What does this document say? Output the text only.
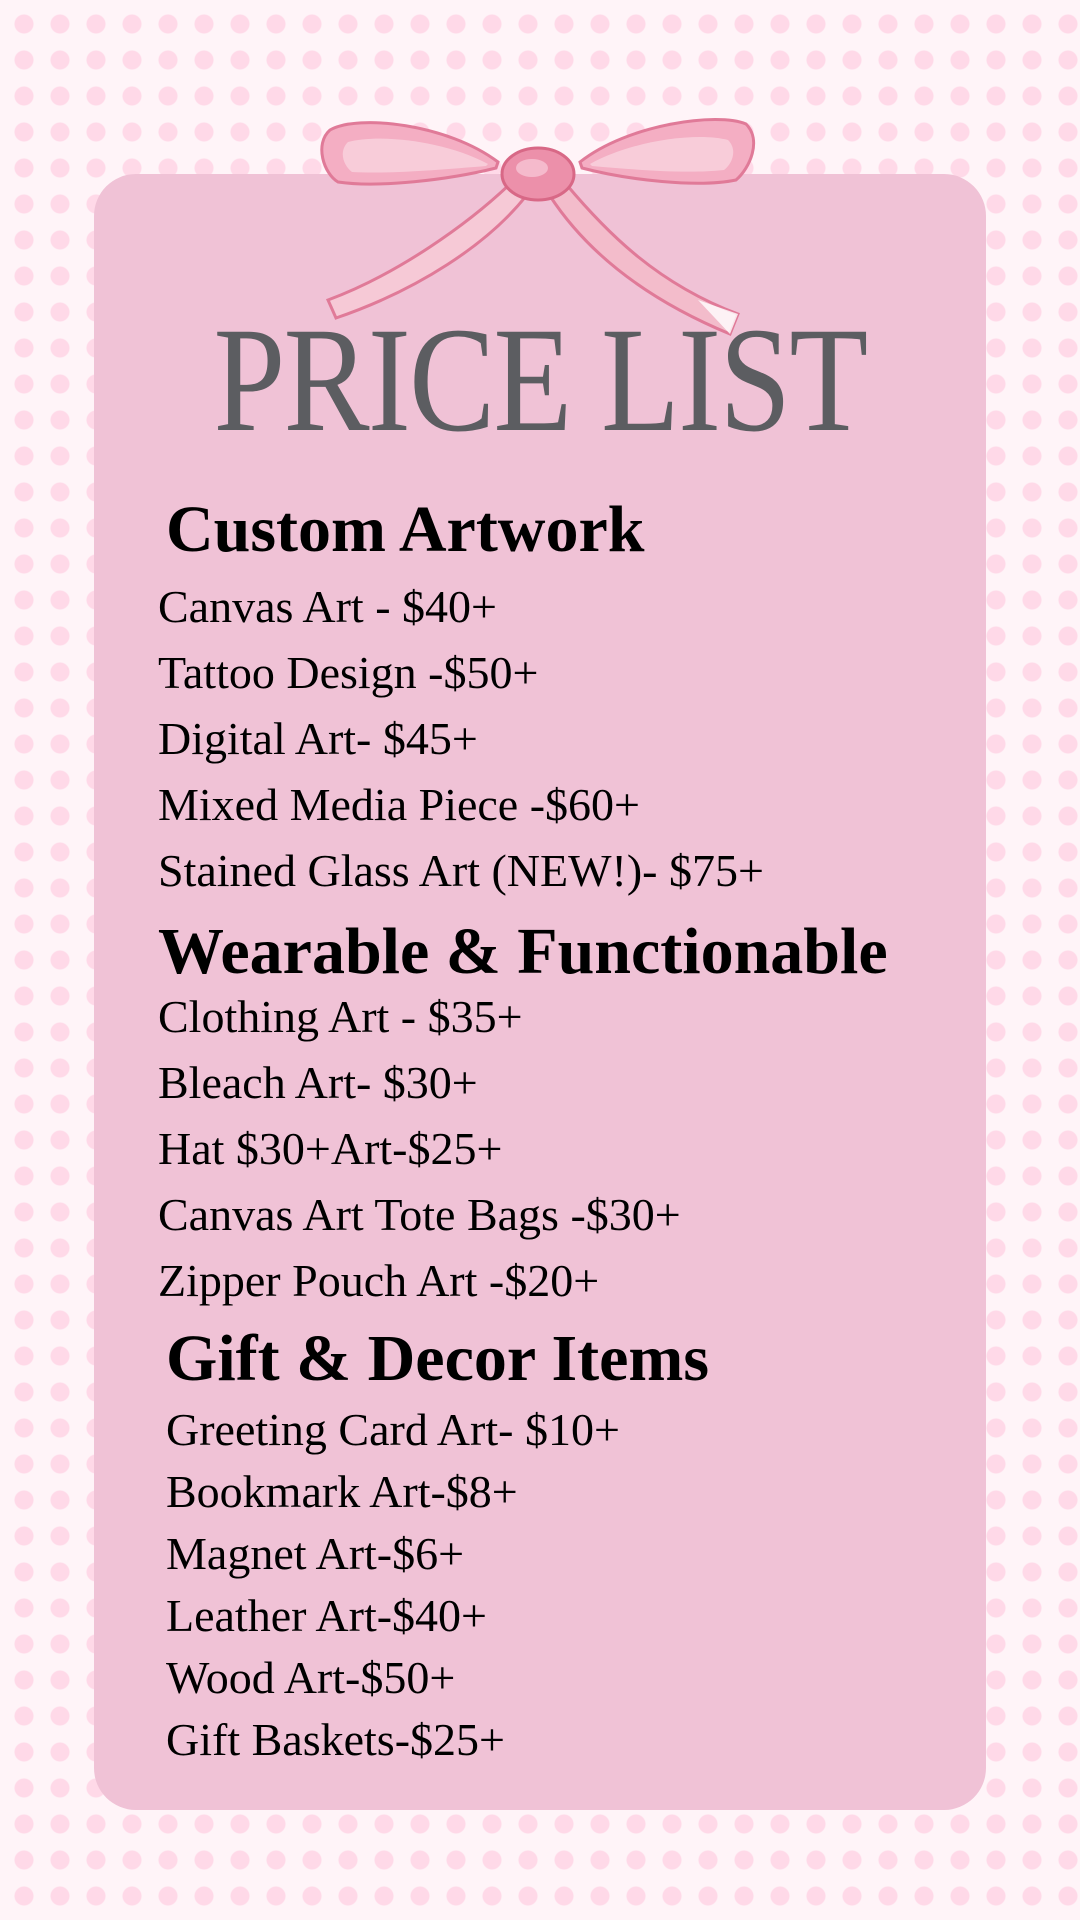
PRICE LIST
Custom Artwork
Canvas Art - $40+
Tattoo Design -$50+
Digital Art- $45+
Mixed Media Piece -$60+
Stained Glass Art (NEW!)- $75+
Wearable & Functionable
Clothing Art - $35+
Bleach Art- $30+
Hat $30+Art-$25+
Canvas Art Tote Bags -$30+
Zipper Pouch Art -$20+
Gift & Decor Items
Greeting Card Art- $10+
Bookmark Art-$8+
Magnet Art-$6+
Leather Art-$40+
Wood Art-$50+
Gift Baskets-$25+
